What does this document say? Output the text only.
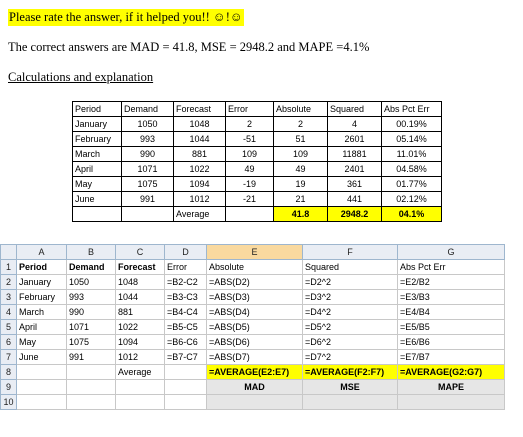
Please rate the answer, if it helped you!! ☺!☺
The correct answers are MAD = 41.8, MSE = 2948.2 and MAPE =4.1%
Calculations and explanation
Period	Demand	Forecast	Error	Absolute	Squared	Abs Pct Err
January	1050	1048	2	2	4	00.19%
February	993	1044	-51	51	2601	05.14%
March	990	881	109	109	11881	11.01%
April	1071	1022	49	49	2401	04.58%
May	1075	1094	-19	19	361	01.77%
June	991	1012	-21	21	441	02.12%
		Average		41.8	2948.2	04.1%
	A	B	C	D	E	F	G
1	Period	Demand	Forecast	Error	Absolute	Squared	Abs Pct Err
2	January	1050	1048	=B2-C2	=ABS(D2)	=D2^2	=E2/B2
3	February	993	1044	=B3-C3	=ABS(D3)	=D3^2	=E3/B3
4	March	990	881	=B4-C4	=ABS(D4)	=D4^2	=E4/B4
5	April	1071	1022	=B5-C5	=ABS(D5)	=D5^2	=E5/B5
6	May	1075	1094	=B6-C6	=ABS(D6)	=D6^2	=E6/B6
7	June	991	1012	=B7-C7	=ABS(D7)	=D7^2	=E7/B7
8			Average		=AVERAGE(E2:E7)	=AVERAGE(F2:F7)	=AVERAGE(G2:G7)
9					MAD	MSE	MAPE
10							
